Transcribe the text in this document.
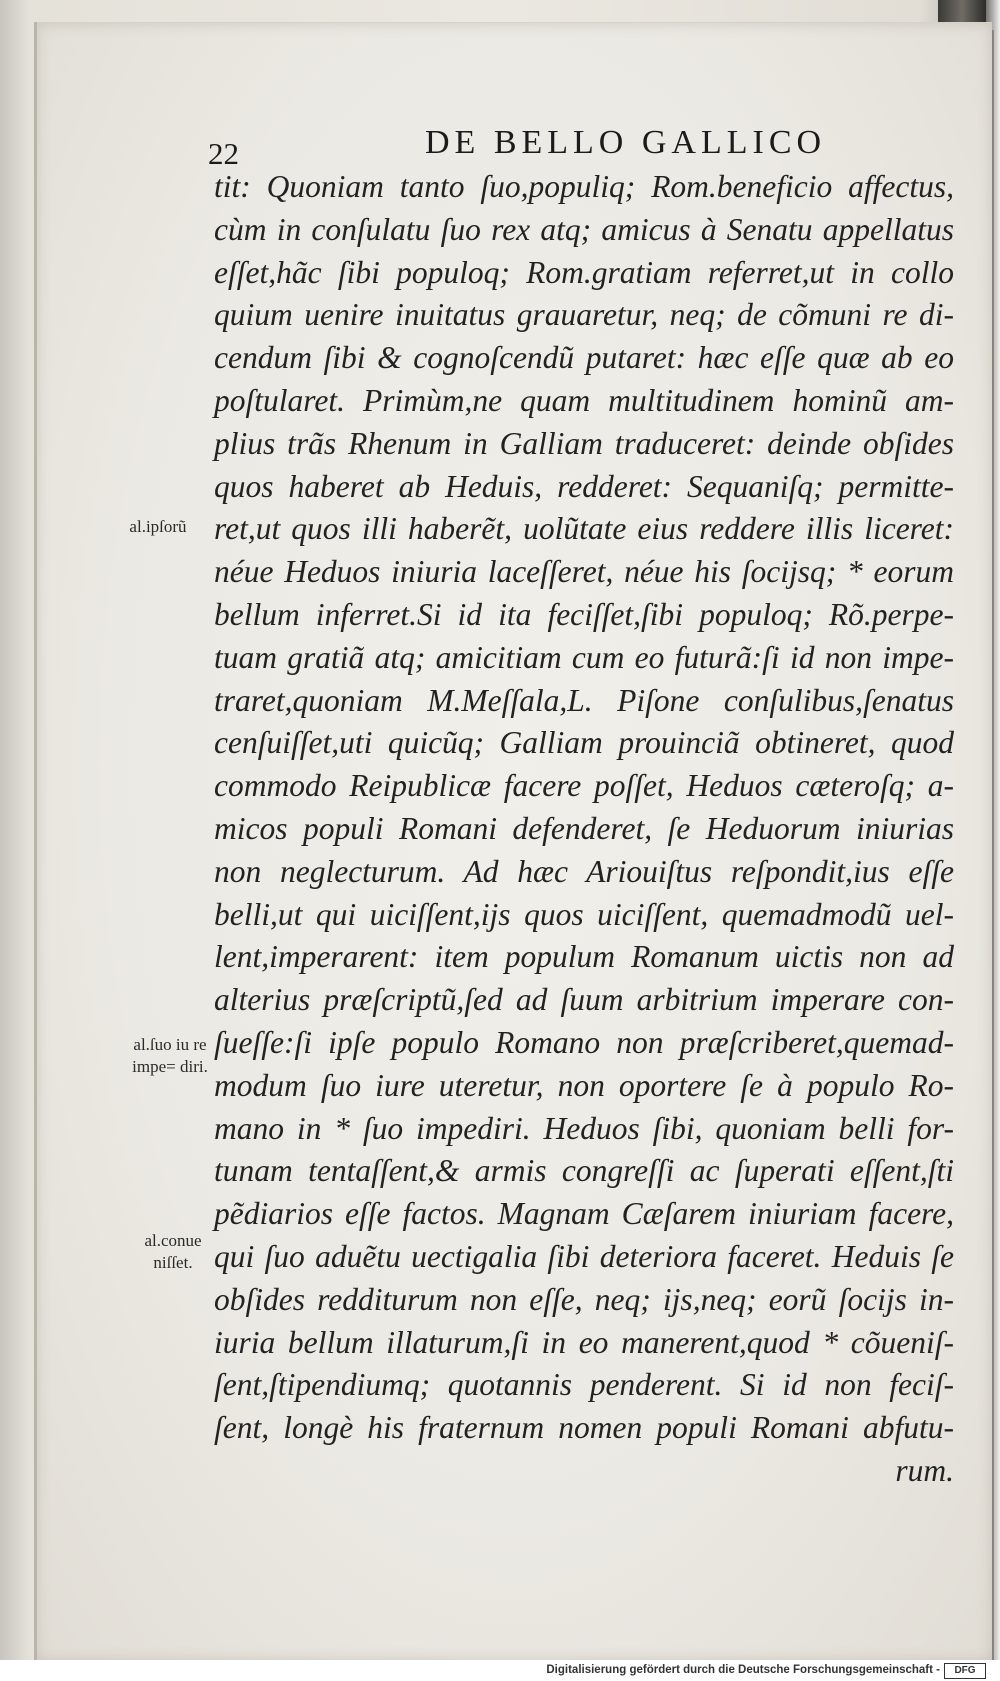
22	DE BELLO GALLICO
tit: Quoniam tanto ſuo,populiq; Rom.beneficio affectus,
cùm in conſulatu ſuo rex atq; amicus à Senatu appellatus
eſſet,hãc ſibi populoq; Rom.gratiam referret,ut in collo
quium uenire inuitatus grauaretur, neq; de cõmuni re di-
cendum ſibi & cognoſcendũ putaret: hæc eſſe quæ ab eo
poſtularet. Primùm,ne quam multitudinem hominũ am-
plius trãs Rhenum in Galliam traduceret: deinde obſides
quos haberet ab Heduis, redderet: Sequaniſq; permitte-
ret,ut quos illi haberẽt, uolũtate eius reddere illis liceret:
néue Heduos iniuria laceſſeret, néue his ſocijsq; * eorum
bellum inferret.Si id ita feciſſet,ſibi populoq; Rõ.perpe-
tuam gratiã atq; amicitiam cum eo futurã:ſi id non impe-
traret,quoniam M.Meſſala,L. Piſone conſulibus,ſenatus
cenſuiſſet,uti quicũq; Galliam prouinciã obtineret, quod
commodo Reipublicæ facere poſſet, Heduos cæteroſq; a-
micos populi Romani defenderet, ſe Heduorum iniurias
non neglecturum. Ad hæc Ariouiſtus reſpondit,ius eſſe
belli,ut qui uiciſſent,ijs quos uiciſſent, quemadmodũ uel-
lent,imperarent: item populum Romanum uictis non ad
alterius præſcriptũ,ſed ad ſuum arbitrium imperare con-
ſueſſe:ſi ipſe populo Romano non præſcriberet,quemad-
modum ſuo iure uteretur, non oportere ſe à populo Ro-
mano in * ſuo impediri. Heduos ſibi, quoniam belli for-
tunam tentaſſent,& armis congreſſi ac ſuperati eſſent,ſti
pẽdiarios eſſe factos. Magnam Cæſarem iniuriam facere,
qui ſuo aduẽtu uectigalia ſibi deteriora faceret. Heduis ſe
obſides redditurum non eſſe, neq; ijs,neq; eorũ ſocijs in-
iuria bellum illaturum,ſi in eo manerent,quod * cõueniſ-
ſent,ſtipendiumq; quotannis penderent. Si id non feciſ-
ſent, longè his fraternum nomen populi Romani abfutu-
rum.
al.ipſorũ
al.ſuo iu re impe= diri.
al.conue niſſet.
Digitalisierung gefördert durch die Deutsche Forschungsgemeinschaft -	DFG
